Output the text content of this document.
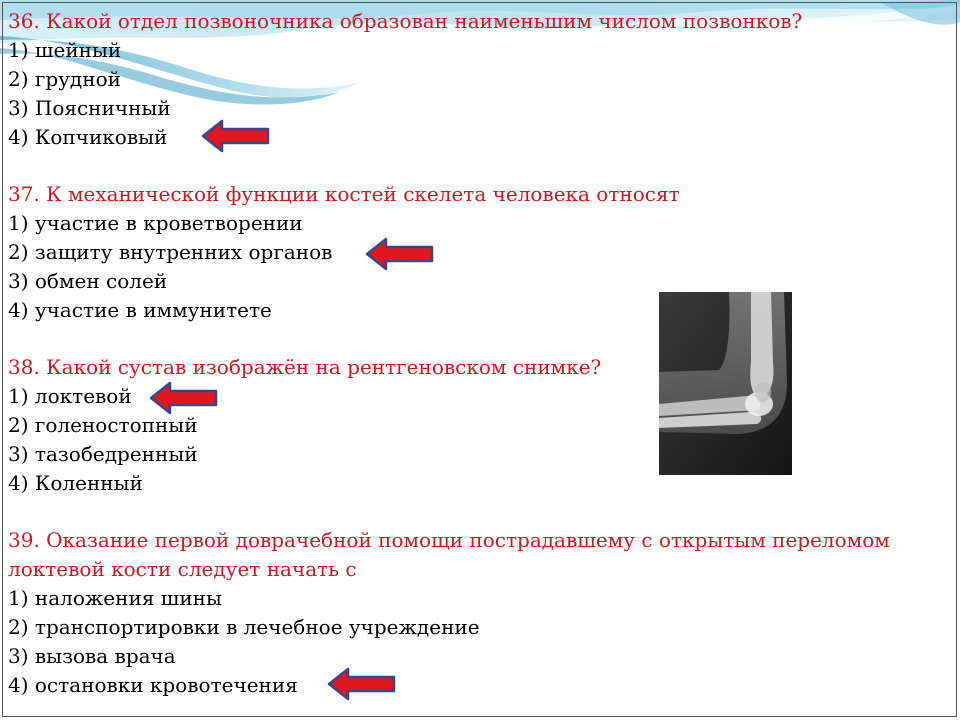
36. Какой отдел позвоночника образован наименьшим числом позвонков?

1) шейный

2) грудной

3) Поясничный

4) Копчиковый

37. К механической функции костей скелета человека относят

1) участие в кроветворении

2) защиту внутренних органов

3) обмен солей

4) участие в иммунитете

38. Какой сустав изображён на рентгеновском снимке?

1) локтевой

2) голеностопный

3) тазобедренный

4) Коленный

39. Оказание первой доврачебной помощи пострадавшему с открытым переломом

локтевой кости следует начать с

1) наложения шины

2) транспортировки в лечебное учреждение

3) вызова врача

4) остановки кровотечения
